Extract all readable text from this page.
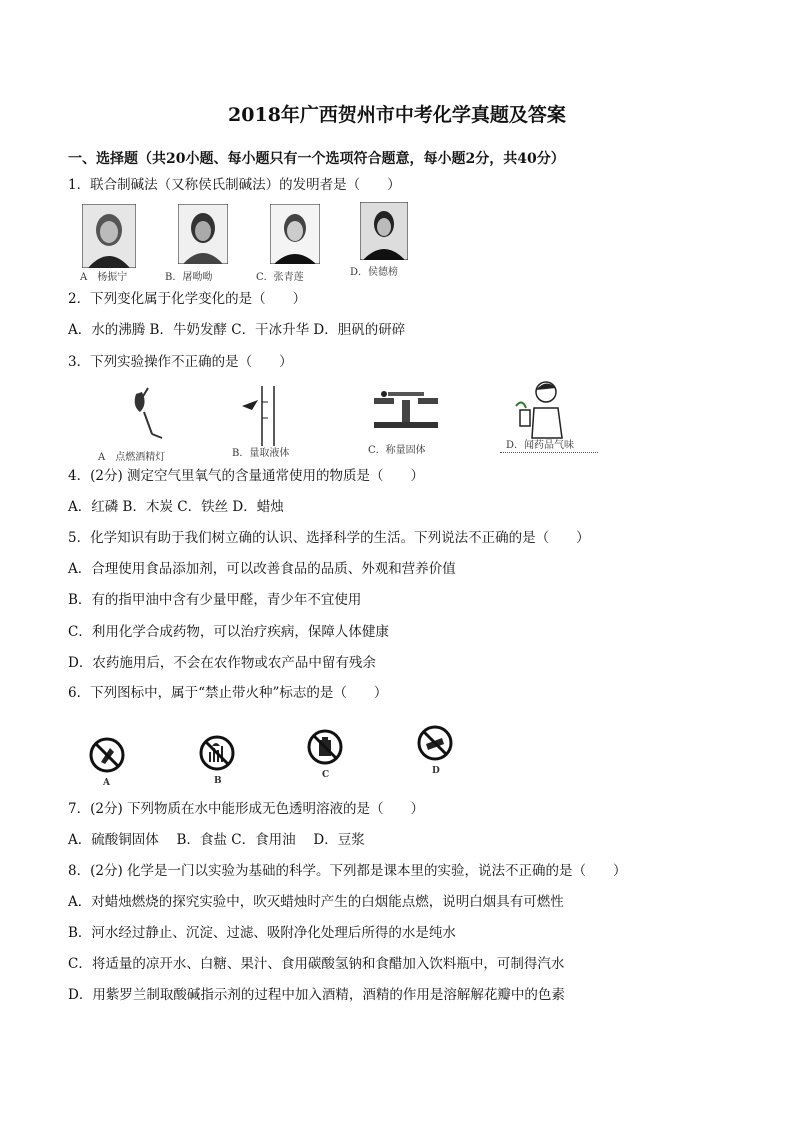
2018年广西贺州市中考化学真题及答案
一、选择题（共20小题、每小题只有一个选项符合题意，每小题2分，共40分）
1．联合制碱法（又称侯氏制碱法）的发明者是（　　）
A　杨振宁	B．屠呦呦	C．张青莲	D．侯德榜
2．下列变化属于化学变化的是（　　）
A．水的沸腾 B．牛奶发酵 C．干冰升华 D．胆矾的研碎
3．下列实验操作不正确的是（　　）
A　点燃酒精灯	B．量取液体	C．称量固体	D．闻药品气味
4．(2分) 测定空气里氧气的含量通常使用的物质是（　　）
A．红磷 B．木炭 C．铁丝 D．蜡烛
5．化学知识有助于我们树立确的认识、选择科学的生活。下列说法不正确的是（　　）
A．合理使用食品添加剂，可以改善食品的品质、外观和营养价值
B．有的指甲油中含有少量甲醛，青少年不宜使用
C．利用化学合成药物，可以治疗疾病，保障人体健康
D．农药施用后，不会在农作物或农产品中留有残余
6．下列图标中，属于“禁止带火种”标志的是（　　）
A	B
C	D
7．(2分) 下列物质在水中能形成无色透明溶液的是（　　）
A．硫酸铜固体　 B．食盐 C．食用油　 D．豆浆
8．(2分) 化学是一门以实验为基础的科学。下列都是课本里的实验，说法不正确的是（　　）
A．对蜡烛燃烧的探究实验中，吹灭蜡烛时产生的白烟能点燃，说明白烟具有可燃性
B．河水经过静止、沉淀、过滤、吸附净化处理后所得的水是纯水
C．将适量的凉开水、白糖、果汁、食用碳酸氢钠和食醋加入饮料瓶中，可制得汽水
D．用紫罗兰制取酸碱指示剂的过程中加入酒精，酒精的作用是溶解解花瓣中的色素
